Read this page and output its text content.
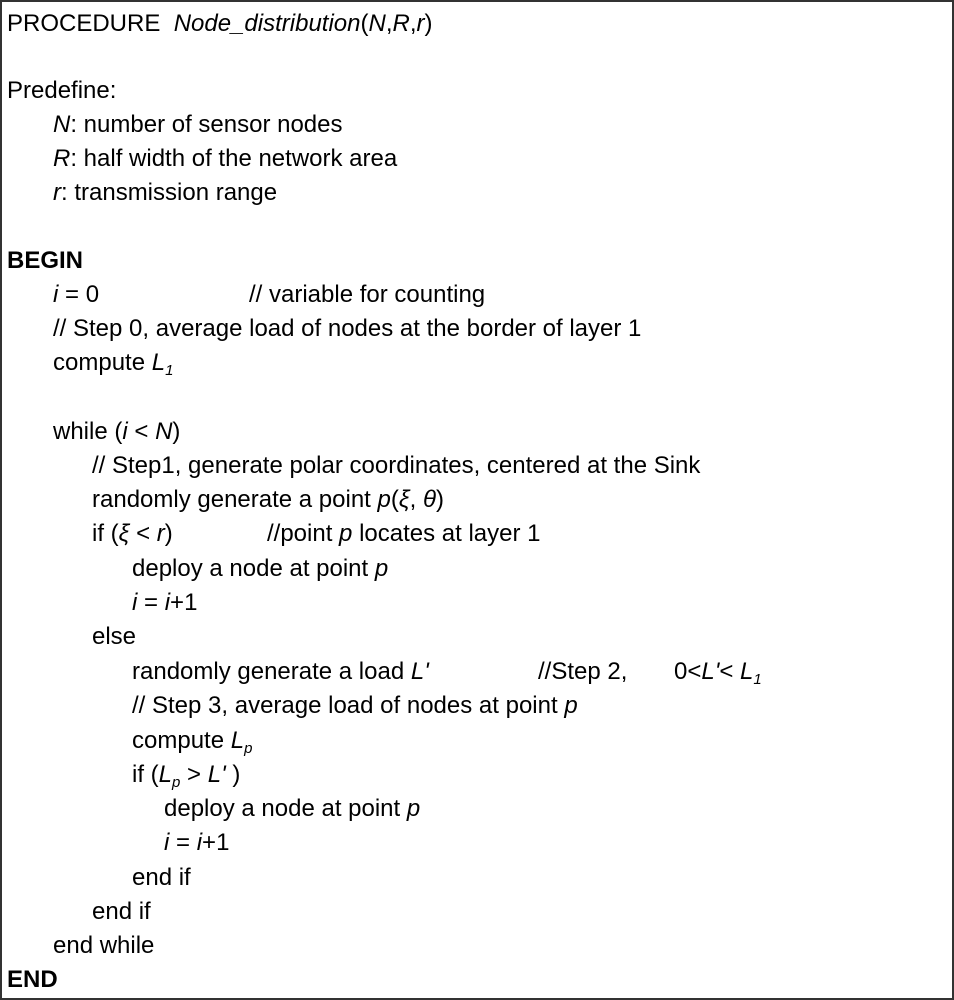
PROCEDURE Node_distribution(N,R,r)
Predefine:
N: number of sensor nodes
R: half width of the network area
r: transmission range
BEGIN
i = 0	// variable for counting
// Step 0, average load of nodes at the border of layer 1
compute $L_1$
while (i < N)
// Step1, generate polar coordinates, centered at the Sink
randomly generate a point p(ξ, θ)
if (ξ < r)	//point p locates at layer 1
deploy a node at point p
i = i+1
else
randomly generate a load L'	//Step 2, $0<L'< L_1$
// Step 3, average load of nodes at point p
compute $L_p$
if ($L_p > L'$ )
deploy a node at point p
i = i+1
end if
end if
end while
END
